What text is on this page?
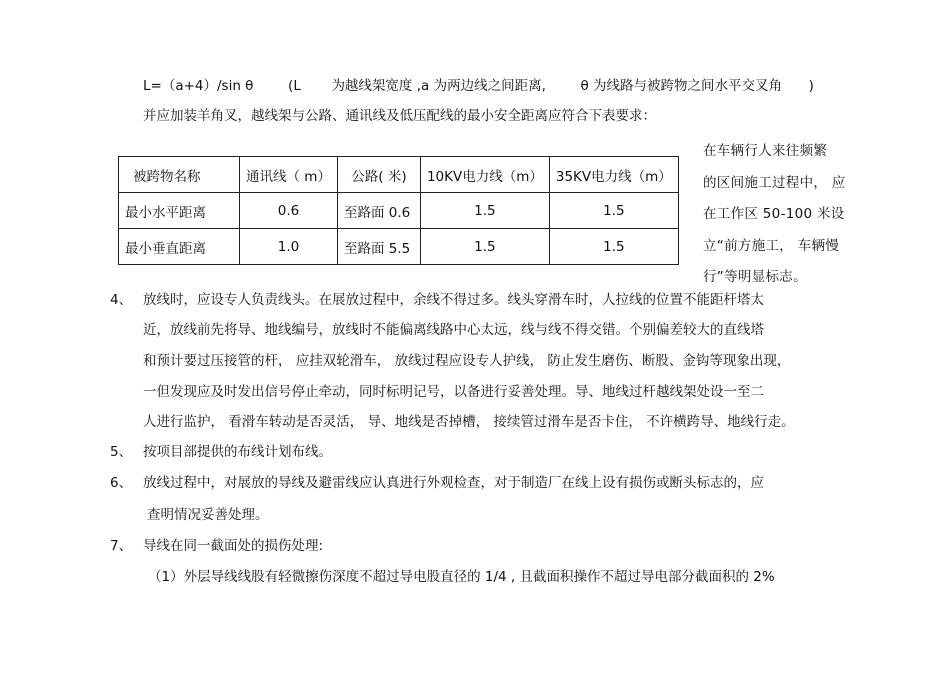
L=（a+4）/sin θ	(L 为越线架宽度 ,a 为两边线之间距离,	θ 为线路与被跨物之间水平交叉角 )
并应加装羊角叉，越线架与公路、通讯线及低压配线的最小安全距离应符合下表要求：
被跨物名称	通讯线（ m）	公路( 米)	10KV电力线（m）	35KV电力线（m）
最小水平距离	0.6	至路面 0.6	1.5	1.5
最小垂直距离	1.0	至路面 5.5	1.5	1.5
在车辆行人来往频繁
的区间施工过程中， 应
在工作区 50-100 米设
立“前方施工， 车辆慢
行”等明显标志。
4、 放线时，应设专人负责线头。在展放过程中，余线不得过多。线头穿滑车时，人拉线的位置不能距杆塔太
近，放线前先将导、地线编号，放线时不能偏离线路中心太远，线与线不得交错。个别偏差较大的直线塔
和预计要过压接管的杆， 应挂双轮滑车， 放线过程应设专人护线， 防止发生磨伤、断股、金钩等现象出现，
一但发现应及时发出信号停止牵动，同时标明记号，以备进行妥善处理。导、地线过杆越线架处设一至二
人进行监护， 看滑车转动是否灵活， 导、地线是否掉槽， 接续管过滑车是否卡住， 不许横跨导、地线行走。
5、 按项目部提供的布线计划布线。
6、 放线过程中，对展放的导线及避雷线应认真进行外观检查，对于制造厂在线上设有损伤或断头标志的，应
查明情况妥善处理。
7、 导线在同一截面处的损伤处理:
（1）外层导线线股有轻微擦伤深度不超过导电股直径的 1/4 , 且截面积操作不超过导电部分截面积的 2%
